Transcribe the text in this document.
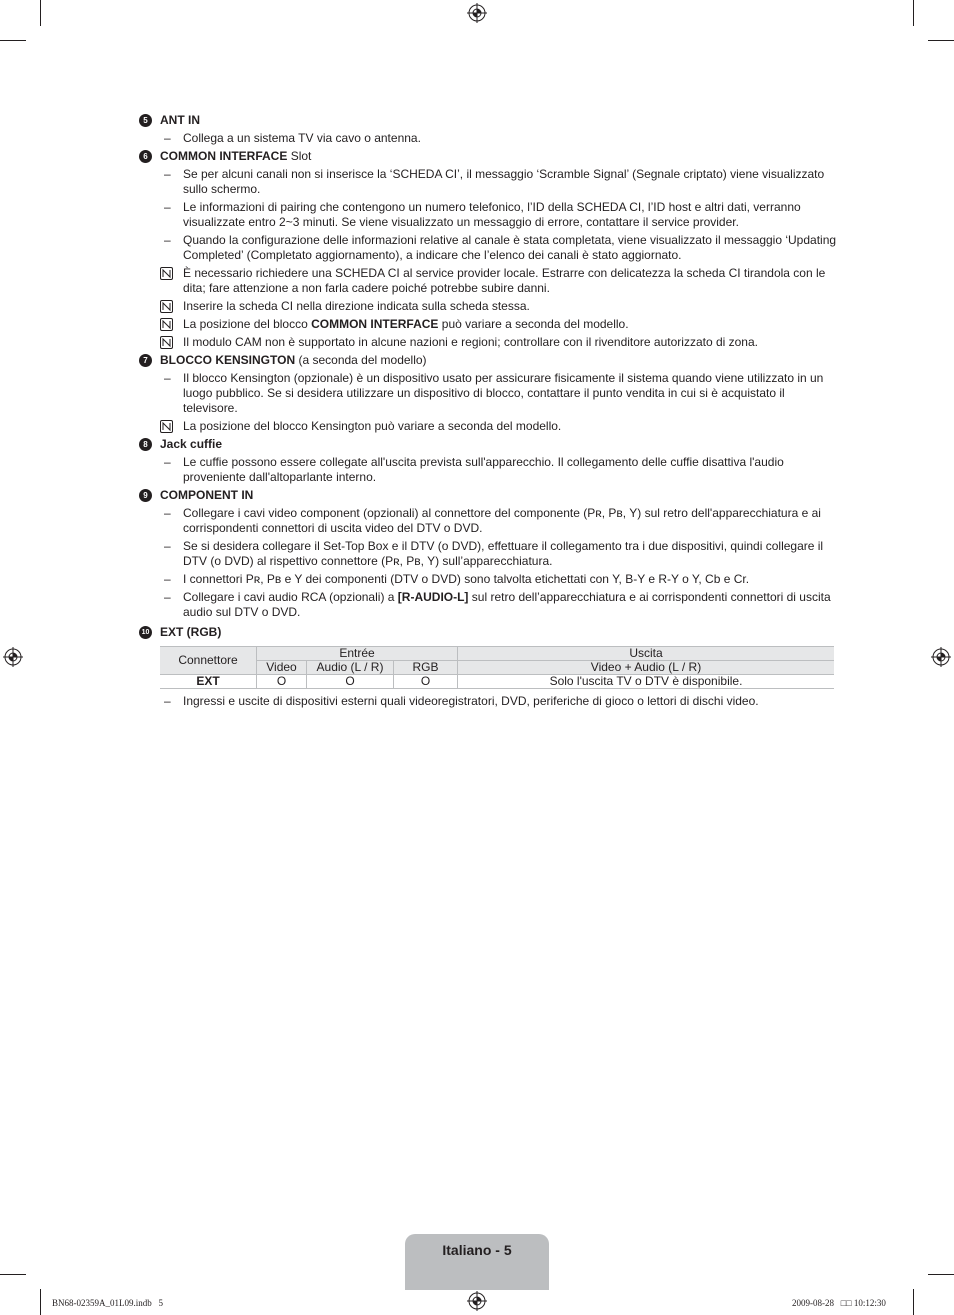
5	ANT IN
– Collega a un sistema TV via cavo o antenna.
6	COMMON INTERFACE Slot
– Se per alcuni canali non si inserisce la ‘SCHEDA CI’, il messaggio ‘Scramble Signal’ (Segnale criptato) viene visualizzato sullo schermo.
– Le informazioni di pairing che contengono un numero telefonico, l’ID della SCHEDA CI, l’ID host e altri dati, verranno visualizzate entro 2~3 minuti. Se viene visualizzato un messaggio di errore, contattare il service provider.
– Quando la configurazione delle informazioni relative al canale è stata completata, viene visualizzato il messaggio ‘Updating Completed’ (Completato aggiornamento), a indicare che l’elenco dei canali è stato aggiornato.
È necessario richiedere una SCHEDA CI al service provider locale. Estrarre con delicatezza la scheda CI tirandola con le dita; fare attenzione a non farla cadere poiché potrebbe subire danni.
Inserire la scheda CI nella direzione indicata sulla scheda stessa.
La posizione del blocco COMMON INTERFACE può variare a seconda del modello.
Il modulo CAM non è supportato in alcune nazioni e regioni; controllare con il rivenditore autorizzato di zona.
7	BLOCCO KENSINGTON (a seconda del modello)
– Il blocco Kensington (opzionale) è un dispositivo usato per assicurare fisicamente il sistema quando viene utilizzato in un luogo pubblico. Se si desidera utilizzare un dispositivo di blocco, contattare il punto vendita in cui si è acquistato il televisore.
La posizione del blocco Kensington può variare a seconda del modello.
8	Jack cuffie
– Le cuffie possono essere collegate all'uscita prevista sull'apparecchio. Il collegamento delle cuffie disattiva l'audio proveniente dall'altoparlante interno.
9	COMPONENT IN
– Collegare i cavi video component (opzionali) al connettore del componente (Pʀ, Pʙ, Y) sul retro dell'apparecchiatura e ai corrispondenti connettori di uscita video del DTV o DVD.
– Se si desidera collegare il Set-Top Box e il DTV (o DVD), effettuare il collegamento tra i due dispositivi, quindi collegare il DTV (o DVD) al rispettivo connettore (Pʀ, Pʙ, Y) sull’apparecchiatura.
– I connettori Pʀ, Pʙ e Y dei componenti (DTV o DVD) sono talvolta etichettati con Y, B-Y e R-Y o Y, Cb e Cr.
– Collegare i cavi audio RCA (opzionali) a [R-AUDIO-L] sul retro dell’apparecchiatura e ai corrispondenti connettori di uscita audio sul DTV o DVD.
10 EXT (RGB)
Connettore	Entrée			Uscita
	Video	Audio (L / R)	RGB	Video + Audio (L / R)
EXT	O	O	O	Solo l'uscita TV o DTV è disponibile.
– Ingressi e uscite di dispositivi esterni quali videoregistratori, DVD, periferiche di gioco o lettori di dischi video.
Italiano - 5
BN68-02359A_01L09.indb   5	2009-08-28   □□ 10:12:30
